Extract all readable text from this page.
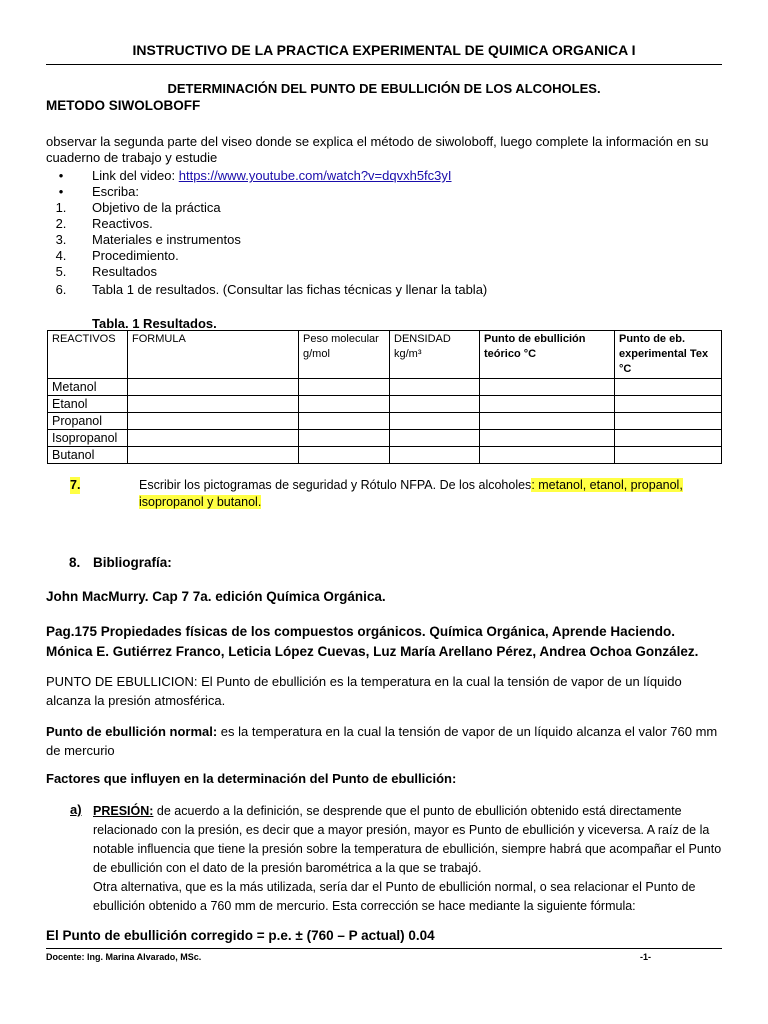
INSTRUCTIVO DE LA PRACTICA EXPERIMENTAL DE QUIMICA ORGANICA I
DETERMINACIÓN DEL PUNTO DE EBULLICIÓN DE LOS ALCOHOLES.
METODO SIWOLOBOFF
observar la segunda parte del viseo donde se explica el método de siwoloboff, luego complete la información en su cuaderno de trabajo y estudie
•	Link del video: https://www.youtube.com/watch?v=dqvxh5fc3yI
•	Escriba:
1.	Objetivo de la práctica
2.	Reactivos.
3.	Materiales e instrumentos
4.	Procedimiento.
5.	Resultados
6.	Tabla 1 de resultados. (Consultar las fichas técnicas y llenar la tabla)
Tabla. 1 Resultados.
REACTIVOS	FORMULA	Peso molecular g/mol	DENSIDAD kg/m³	Punto de ebullición teórico °C	Punto de eb. experimental Tex °C
Metanol					
Etanol					
Propanol					
Isopropanol					
Butanol					
7.	Escribir los pictogramas de seguridad y Rótulo NFPA. De los alcoholes: metanol, etanol, propanol, isopropanol y butanol.
8. Bibliografía:
John MacMurry. Cap 7 7a. edición Química Orgánica.
Pag.175 Propiedades físicas de los compuestos orgánicos. Química Orgánica, Aprende Haciendo. Mónica E. Gutiérrez Franco, Leticia López Cuevas, Luz María Arellano Pérez, Andrea Ochoa González.
PUNTO DE EBULLICION: El Punto de ebullición es la temperatura en la cual la tensión de vapor de un líquido alcanza la presión atmosférica.
Punto de ebullición normal: es la temperatura en la cual la tensión de vapor de un líquido alcanza el valor 760 mm de mercurio
Factores que influyen en la determinación del Punto de ebullición:
a) PRESIÓN: de acuerdo a la definición, se desprende que el punto de ebullición obtenido está directamente relacionado con la presión, es decir que a mayor presión, mayor es Punto de ebullición y viceversa. A raíz de la notable influencia que tiene la presión sobre la temperatura de ebullición, siempre habrá que acompañar el Punto de ebullición con el dato de la presión barométrica a la que se trabajó.
Otra alternativa, que es la más utilizada, sería dar el Punto de ebullición normal, o sea relacionar el Punto de ebullición obtenido a 760 mm de mercurio. Esta corrección se hace mediante la siguiente fórmula:
El Punto de ebullición corregido = p.e. ± (760 – P actual) 0.04
Docente: Ing. Marina Alvarado, MSc.	-1-
